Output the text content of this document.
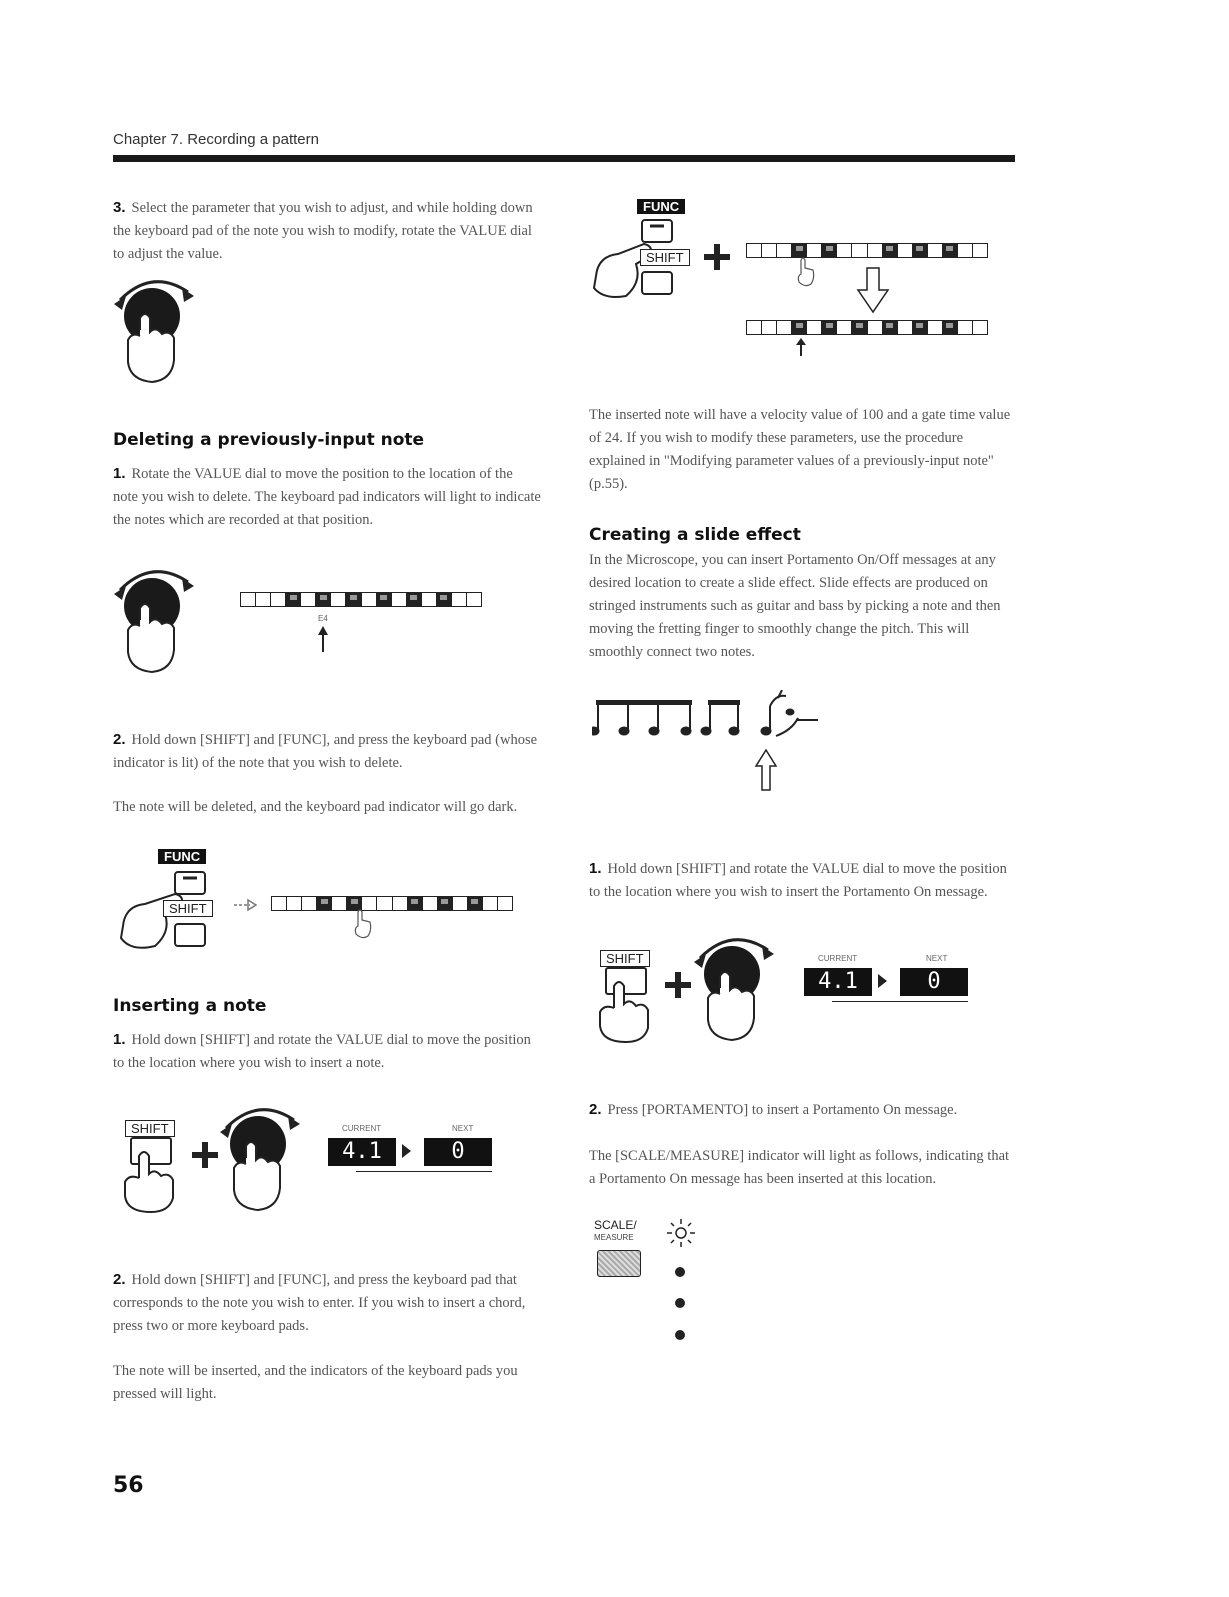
Chapter 7. Recording a pattern
3. Select the parameter that you wish to adjust, and while holding down the keyboard pad of the note you wish to modify, rotate the VALUE dial to adjust the value.
Deleting a previously-input note
1. Rotate the VALUE dial to move the position to the location of the note you wish to delete. The keyboard pad indicators will light to indicate the notes which are recorded at that position.
E4
2. Hold down [SHIFT] and [FUNC], and press the keyboard pad (whose indicator is lit) of the note that you wish to delete.
The note will be deleted, and the keyboard pad indicator will go dark.
FUNC
SHIFT
Inserting a note
1. Hold down [SHIFT] and rotate the VALUE dial to move the position to the location where you wish to insert a note.
SHIFT	CURRENT	NEXT
4.1	0
2. Hold down [SHIFT] and [FUNC], and press the keyboard pad that corresponds to the note you wish to enter. If you wish to insert a chord, press two or more keyboard pads.
The note will be inserted, and the indicators of the keyboard pads you pressed will light.
56
FUNC
SHIFT
The inserted note will have a velocity value of 100 and a gate time value of 24. If you wish to modify these parameters, use the procedure explained in "Modifying parameter values of a previously-input note" (p.55).
Creating a slide effect
In the Microscope, you can insert Portamento On/Off messages at any desired location to create a slide effect. Slide effects are produced on stringed instruments such as guitar and bass by picking a note and then moving the fretting finger to smoothly change the pitch. This will smoothly connect two notes.
1. Hold down [SHIFT] and rotate the VALUE dial to move the position to the location where you wish to insert the Portamento On message.
SHIFT	CURRENT	NEXT
4.1	0
2. Press [PORTAMENTO] to insert a Portamento On message.
The [SCALE/MEASURE] indicator will light as follows, indicating that a Portamento On message has been inserted at this location.
SCALE/
MEASURE
